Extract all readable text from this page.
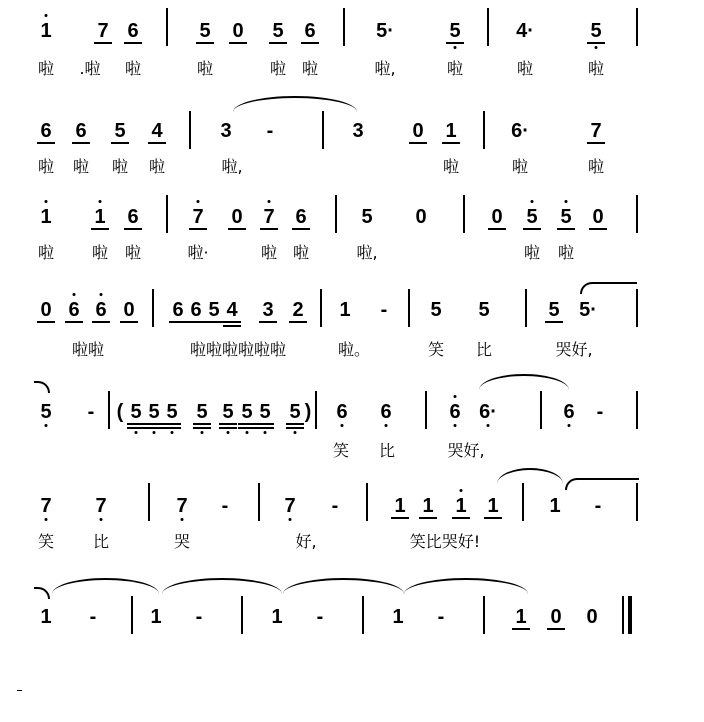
1 7 6	5 0 5 6	5·	5	4·	5
啦 .啦 啦	啦	啦 啦	啦,	啦	啦	啦
6 6 5 4	3 -	3 0 1	6·	7
啦 啦 啦 啦	啦,	啦	啦	啦
1 1 6	7 0 7 6	5 0	0 5 5 0
啦 啦 啦	啦·	啦 啦	啦,	啦 啦
0 6 6 0 6 6 5 4 3 2 1 - 5 5	5 5·
啦啦	啦啦啦啦啦啦	啦。	笑 比	哭好,
5 - ( 5 5 5 5 5 5 5 5 ) 6 6	6 6·	6 -
笑 比	哭好,
7 7	7 -	7 -	1 1 1 1	1 -
笑 比	哭	好,	笑比哭好!
1 -	1 -	1 -	1 -	1 0 0
